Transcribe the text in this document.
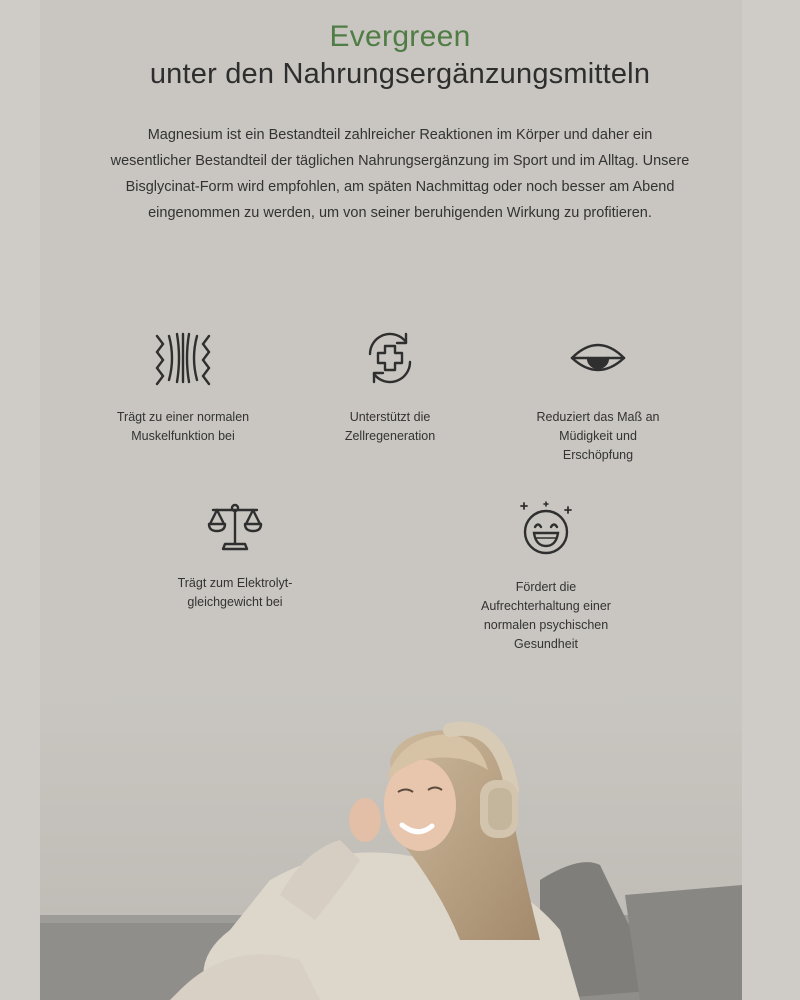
Evergreen
unter den Nahrungsergänzungsmitteln
Magnesium ist ein Bestandteil zahlreicher Reaktionen im Körper und daher ein wesentlicher Bestandteil der täglichen Nahrungsergänzung im Sport und im Alltag. Unsere Bisglycinat-Form wird empfohlen, am späten Nachmittag oder noch besser am Abend eingenommen zu werden, um von seiner beruhigenden Wirkung zu profitieren.
Trägt zu einer normalen Muskelfunktion bei
Unterstützt die Zellregeneration
Reduziert das Maß an Müdigkeit und Erschöpfung
Trägt zum Elektrolyt-gleichgewicht bei
Fördert die Aufrechterhaltung einer normalen psychischen Gesundheit
